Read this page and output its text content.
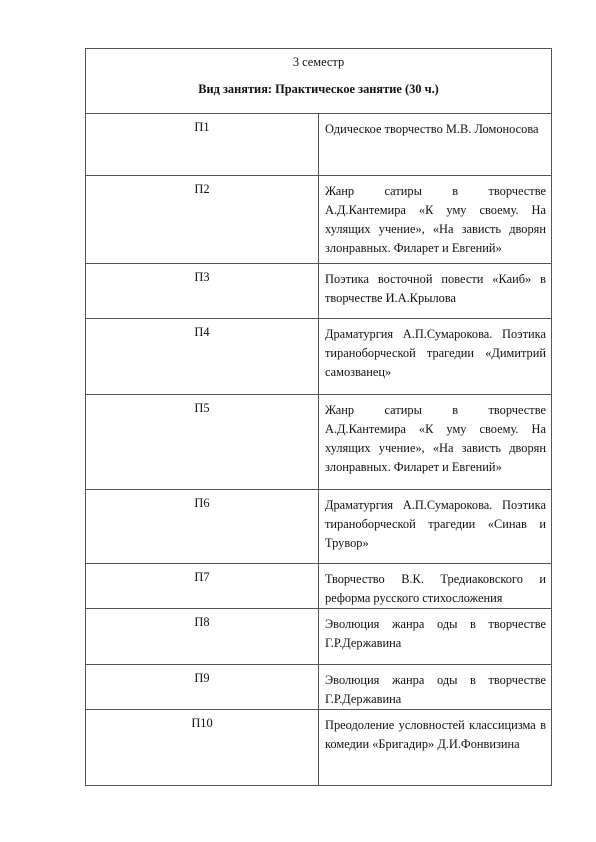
3 семестр
Вид занятия: Практическое занятие (30 ч.)	

П1	Одическое творчество М.В. Ломоносова
П2	Жанр сатиры в творчестве А.Д.Кантемира «К уму своему. На хулящих учение», «На зависть дворян злонравных. Филарет и Евгений»
П3	Поэтика восточной повести «Каиб» в творчестве И.А.Крылова
П4	Драматургия А.П.Сумарокова. Поэтика тираноборческой трагедии «Димитрий самозванец»
П5	Жанр сатиры в творчестве А.Д.Кантемира «К уму своему. На хулящих учение», «На зависть дворян злонравных. Филарет и Евгений»
П6	Драматургия А.П.Сумарокова. Поэтика тираноборческой трагедии «Синав и Трувор»
П7	Творчество В.К. Тредиаковского и реформа русского стихосложения
П8	Эволюция жанра оды в творчестве Г.Р.Державина
П9	Эволюция жанра оды в творчестве Г.Р.Державина
П10	Преодоление условностей классицизма в комедии «Бригадир» Д.И.Фонвизина
